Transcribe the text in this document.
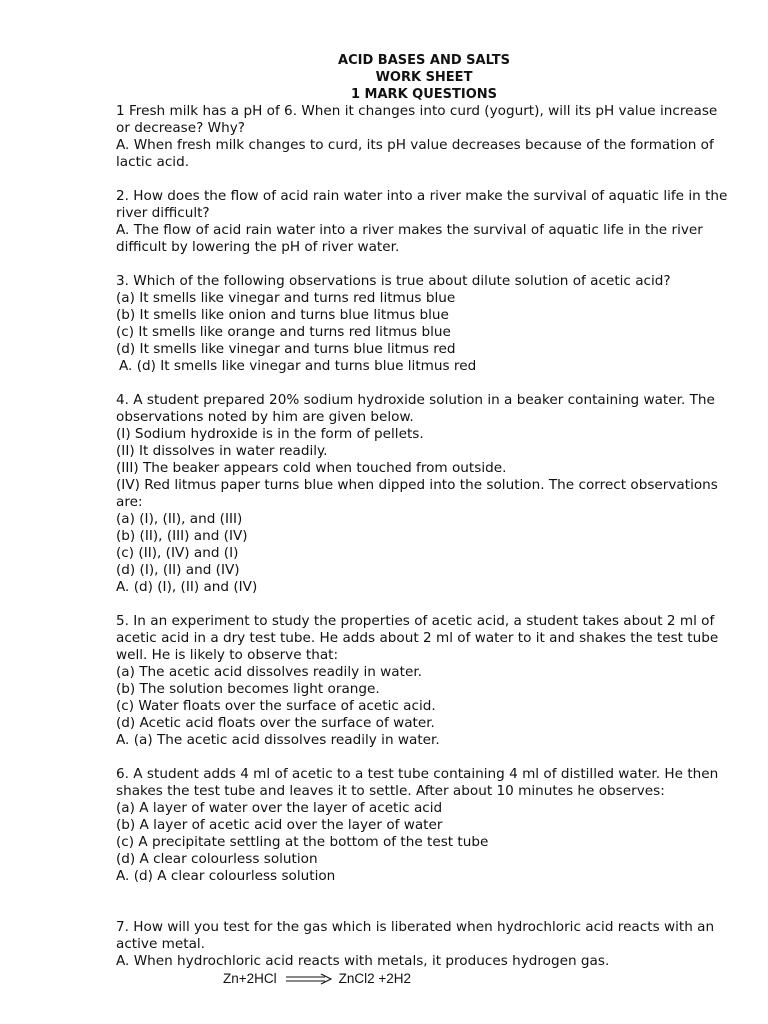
ACID BASES AND SALTS
WORK SHEET
1 MARK QUESTIONS
1 Fresh milk has a pH of 6. When it changes into curd (yogurt), will its pH value increase or decrease? Why?
A. When fresh milk changes to curd, its pH value decreases because of the formation of lactic acid.
2. How does the flow of acid rain water into a river make the survival of aquatic life in the river difficult?
A. The flow of acid rain water into a river makes the survival of aquatic life in the river difficult by lowering the pH of river water.
3. Which of the following observations is true about dilute solution of acetic acid?
(a) It smells like vinegar and turns red litmus blue
(b) It smells like onion and turns blue litmus blue
(c) It smells like orange and turns red litmus blue
(d) It smells like vinegar and turns blue litmus red
A. (d) It smells like vinegar and turns blue litmus red
4. A student prepared 20% sodium hydroxide solution in a beaker containing water. The observations noted by him are given below.
(I) Sodium hydroxide is in the form of pellets.
(II) It dissolves in water readily.
(III) The beaker appears cold when touched from outside.
(IV) Red litmus paper turns blue when dipped into the solution. The correct observations are:
(a) (I), (II), and (III)
(b) (II), (III) and (IV)
(c) (II), (IV) and (I)
(d) (I), (II) and (IV)
A. (d) (I), (II) and (IV)
5. In an experiment to study the properties of acetic acid, a student takes about 2 ml of acetic acid in a dry test tube. He adds about 2 ml of water to it and shakes the test tube well. He is likely to observe that:
(a) The acetic acid dissolves readily in water.
(b) The solution becomes light orange.
(c) Water floats over the surface of acetic acid.
(d) Acetic acid floats over the surface of water.
A. (a) The acetic acid dissolves readily in water.
6. A student adds 4 ml of acetic to a test tube containing 4 ml of distilled water. He then shakes the test tube and leaves it to settle. After about 10 minutes he observes:
(a) A layer of water over the layer of acetic acid
(b) A layer of acetic acid over the layer of water
(c) A precipitate settling at the bottom of the test tube
(d) A clear colourless solution
A. (d) A clear colourless solution
7. How will you test for the gas which is liberated when hydrochloric acid reacts with an active metal.
A. When hydrochloric acid reacts with metals, it produces hydrogen gas.
Zn+2HCl	ZnCl2 +2H2
